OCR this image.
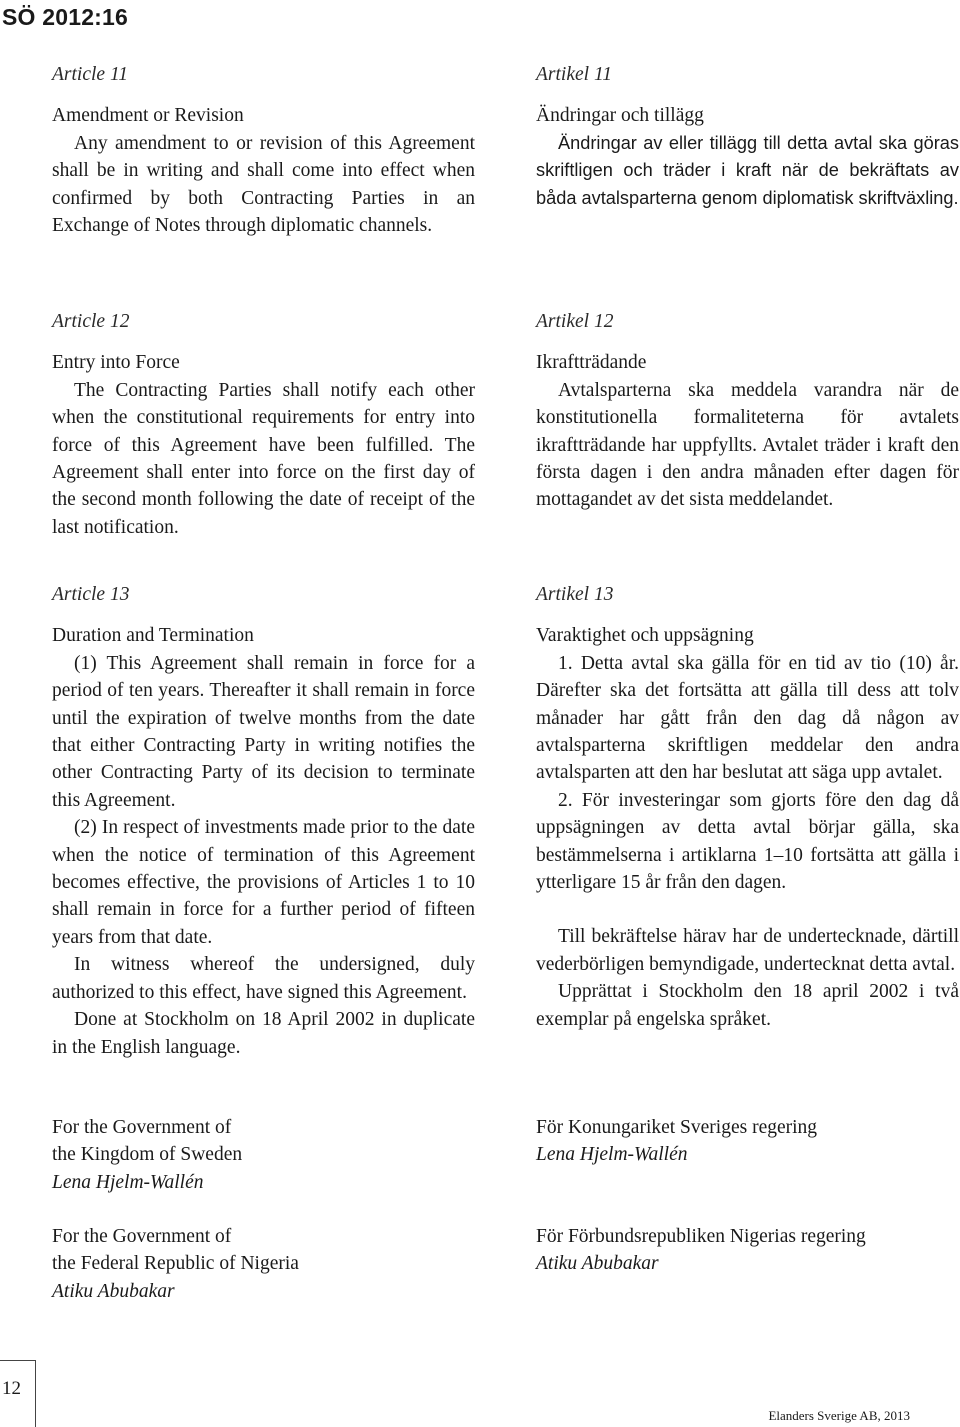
SÖ 2012:16

Article 11

Amendment or Revision

Any amendment to or revision of this Agreement shall be in writing and shall come into effect when confirmed by both Contracting Parties in an Exchange of Notes through diplomatic channels.

Article 12

Entry into Force

The Contracting Parties shall notify each other when the constitutional requirements for entry into force of this Agreement have been fulfilled. The Agreement shall enter into force on the first day of the second month following the date of receipt of the last notification.

Article 13

Duration and Termination

(1) This Agreement shall remain in force for a period of ten years. Thereafter it shall remain in force until the expiration of twelve months from the date that either Contracting Party in writing notifies the other Contracting Party of its decision to terminate this Agreement.

(2) In respect of investments made prior to the date when the notice of termination of this Agreement becomes effective, the provisions of Articles 1 to 10 shall remain in force for a further period of fifteen years from that date.

In witness whereof the undersigned, duly authorized to this effect, have signed this Agreement.

Done at Stockholm on 18 April 2002 in duplicate in the English language.

For the Government of

the Kingdom of Sweden

Lena Hjelm-Wallén

For the Government of

the Federal Republic of Nigeria

Atiku Abubakar

Artikel 11

Ändringar och tillägg

Ändringar av eller tillägg till detta avtal ska göras skriftligen och träder i kraft när de bekräftats av båda avtalsparterna genom diplomatisk skriftväxling.

Artikel 12

Ikraftträdande

Avtalsparterna ska meddela varandra när de konstitutionella formaliteterna för avtalets ikraftträdande har uppfyllts. Avtalet träder i kraft den första dagen i den andra månaden efter dagen för mottagandet av det sista meddelandet.

Artikel 13

Varaktighet och uppsägning

1. Detta avtal ska gälla för en tid av tio (10) år. Därefter ska det fortsätta att gälla till dess att tolv månader har gått från den dag då någon av avtalsparterna skriftligen meddelar den andra avtalsparten att den har beslutat att säga upp avtalet.

2. För investeringar som gjorts före den dag då uppsägningen av detta avtal börjar gälla, ska bestämmelserna i artiklarna 1–10 fortsätta att gälla i ytterligare 15 år från den dagen.

Till bekräftelse härav har de undertecknade, därtill vederbörligen bemyndigade, undertecknat detta avtal.

Upprättat i Stockholm den 18 april 2002 i två exemplar på engelska språket.

För Konungariket Sveriges regering

Lena Hjelm-Wallén

För Förbundsrepubliken Nigerias regering

Atiku Abubakar

12
Elanders Sverige AB, 2013
